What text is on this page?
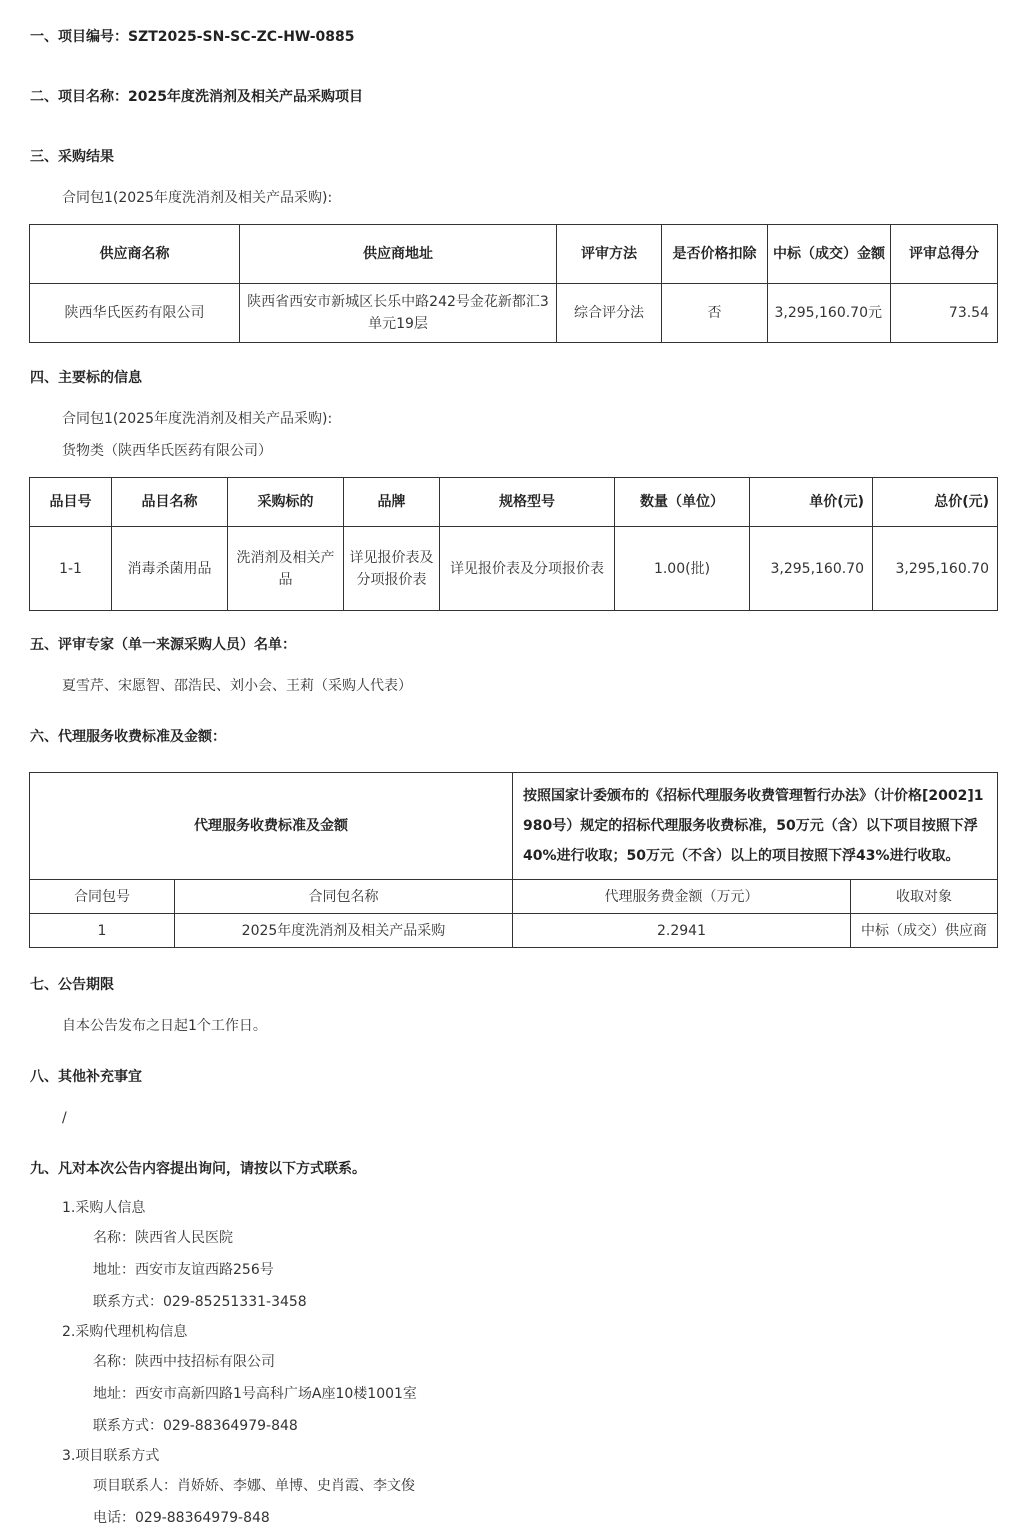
一、项目编号：SZT2025-SN-SC-ZC-HW-0885
二、项目名称：2025年度洗消剂及相关产品采购项目
三、采购结果
合同包1(2025年度洗消剂及相关产品采购):
供应商名称	供应商地址	评审方法	是否价格扣除	中标（成交）金额	评审总得分
陕西华氏医药有限公司	陕西省西安市新城区长乐中路242号金花新都汇3单元19层	综合评分法	否	3,295,160.70元	73.54
四、主要标的信息
合同包1(2025年度洗消剂及相关产品采购):
货物类（陕西华氏医药有限公司）
品目号	品目名称	采购标的	品牌	规格型号	数量（单位）	单价(元)	总价(元)
1-1	消毒杀菌用品	洗消剂及相关产品	详见报价表及分项报价表	详见报价表及分项报价表	1.00(批)	3,295,160.70	3,295,160.70
五、评审专家（单一来源采购人员）名单：
夏雪芹、宋愿智、邵浩民、刘小会、王莉（采购人代表）
六、代理服务收费标准及金额：
代理服务收费标准及金额		按照国家计委颁布的《招标代理服务收费管理暂行办法》（计价格[2002]1980号）规定的招标代理服务收费标准，50万元（含）以下项目按照下浮40%进行收取；50万元（不含）以上的项目按照下浮43%进行收取。	
合同包号	合同包名称	代理服务费金额（万元）	收取对象
1	2025年度洗消剂及相关产品采购	2.2941	中标（成交）供应商
七、公告期限
自本公告发布之日起1个工作日。
八、其他补充事宜
/
九、凡对本次公告内容提出询问，请按以下方式联系。
1.采购人信息
名称：陕西省人民医院
地址：西安市友谊西路256号
联系方式：029-85251331-3458
2.采购代理机构信息
名称：陕西中技招标有限公司
地址：西安市高新四路1号高科广场A座10楼1001室
联系方式：029-88364979-848
3.项目联系方式
项目联系人：肖娇娇、李娜、单博、史肖霞、李文俊
电话：029-88364979-848
